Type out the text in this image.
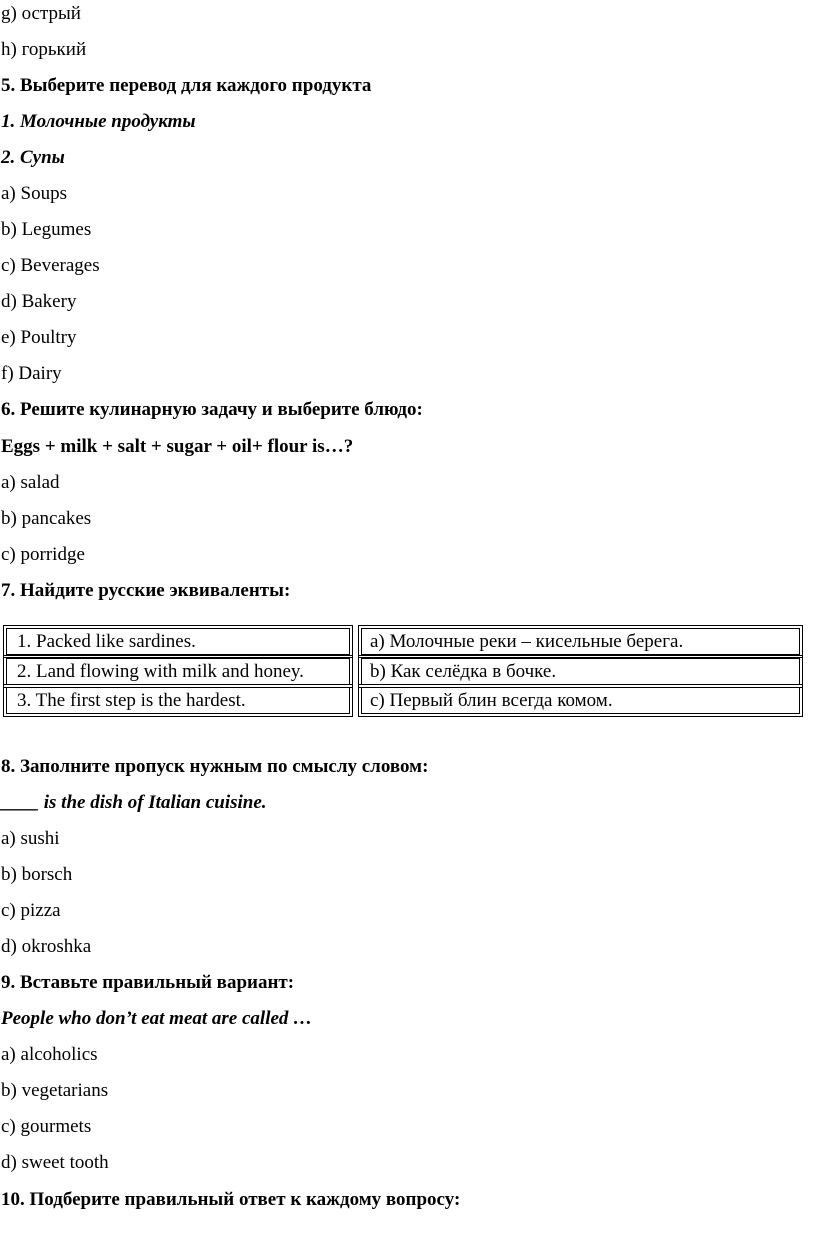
g) острый
h) горький
5. Выберите перевод для каждого продукта
1. Молочные продукты
2. Супы
a) Soups
b) Legumes
c) Beverages
d) Bakery
e) Poultry
f) Dairy
6. Решите кулинарную задачу и выберите блюдо:
Eggs + milk + salt + sugar + oil+ flour is…?
a) salad
b) pancakes
c) porridge
7. Найдите русские эквиваленты:
1. Packed like sardines.	a) Молочные реки – кисельные берега.
2. Land flowing with milk and honey.	b) Как селёдка в бочке.
3. The first step is the hardest.	c) Первый блин всегда комом.
8. Заполните пропуск нужным по смыслу словом:
____ is the dish of Italian cuisine.
a) sushi
b) borsch
c) pizza
d) okroshka
9. Вставьте правильный вариант:
People who don’t eat meat are called …
a) alcoholics
b) vegetarians
c) gourmets
d) sweet tooth
10. Подберите правильный ответ к каждому вопросу:
